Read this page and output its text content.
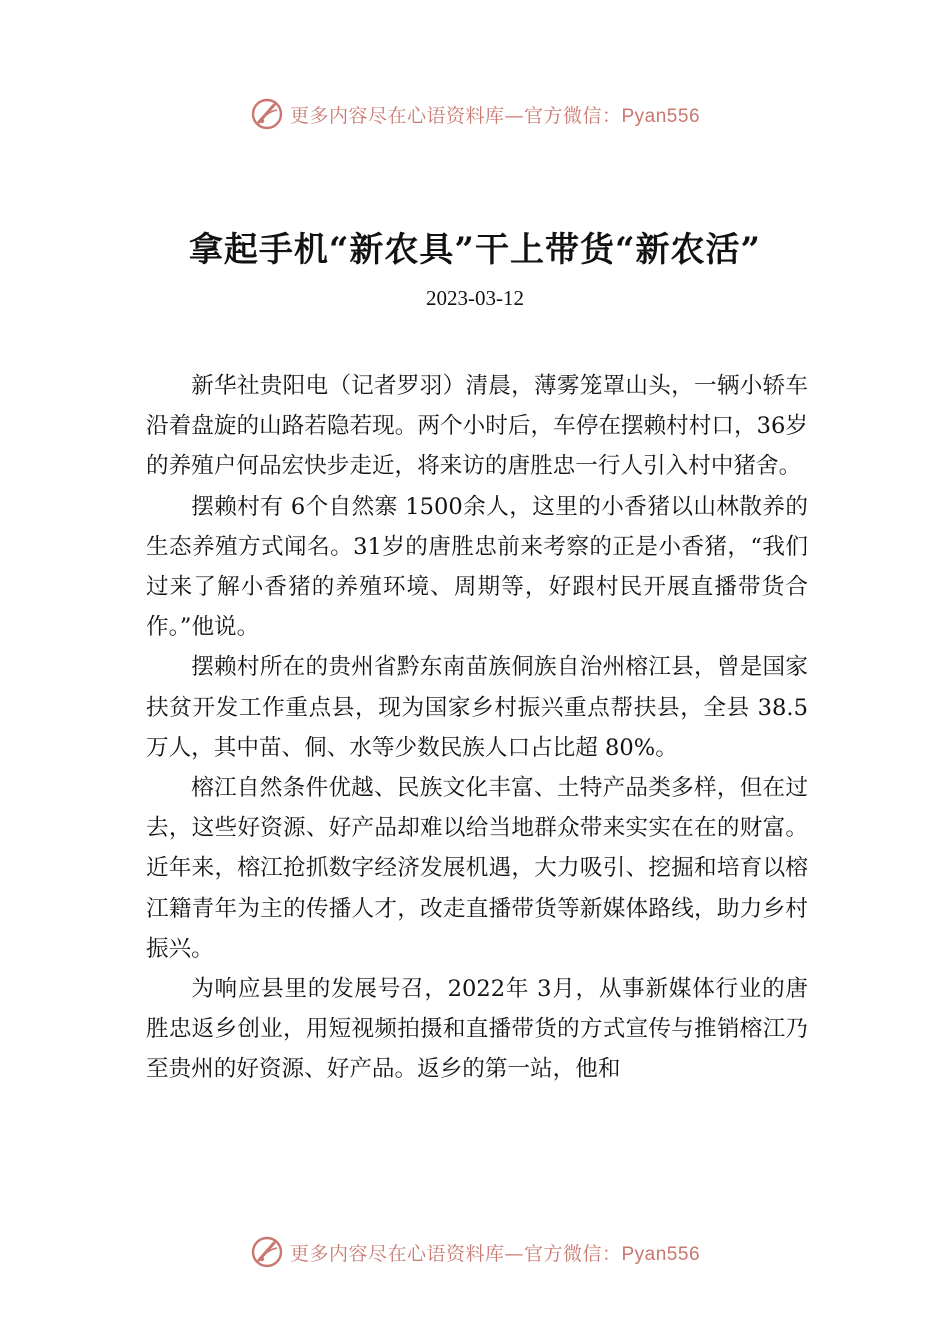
更多内容尽在心语资料库—官方微信：Pyan556
拿起手机“新农具”干上带货“新农活”
2023-03-12

新华社贵阳电（记者罗羽）清晨，薄雾笼罩山头，一辆小轿车沿着盘旋的山路若隐若现。两个小时后，车停在摆赖村村口，36岁的养殖户何品宏快步走近，将来访的唐胜忠一行人引入村中猪舍。

摆赖村有 6个自然寨 1500余人，这里的小香猪以山林散养的生态养殖方式闻名。31岁的唐胜忠前来考察的正是小香猪，“我们过来了解小香猪的养殖环境、周期等，好跟村民开展直播带货合作。”他说。

摆赖村所在的贵州省黔东南苗族侗族自治州榕江县，曾是国家扶贫开发工作重点县，现为国家乡村振兴重点帮扶县，全县 38.5万人，其中苗、侗、水等少数民族人口占比超 80%。

榕江自然条件优越、民族文化丰富、土特产品类多样，但在过去，这些好资源、好产品却难以给当地群众带来实实在在的财富。近年来，榕江抢抓数字经济发展机遇，大力吸引、挖掘和培育以榕江籍青年为主的传播人才，改走直播带货等新媒体路线，助力乡村振兴。

为响应县里的发展号召，2022年 3月，从事新媒体行业的唐胜忠返乡创业，用短视频拍摄和直播带货的方式宣传与推销榕江乃至贵州的好资源、好产品。返乡的第一站，他和

更多内容尽在心语资料库—官方微信：Pyan556
